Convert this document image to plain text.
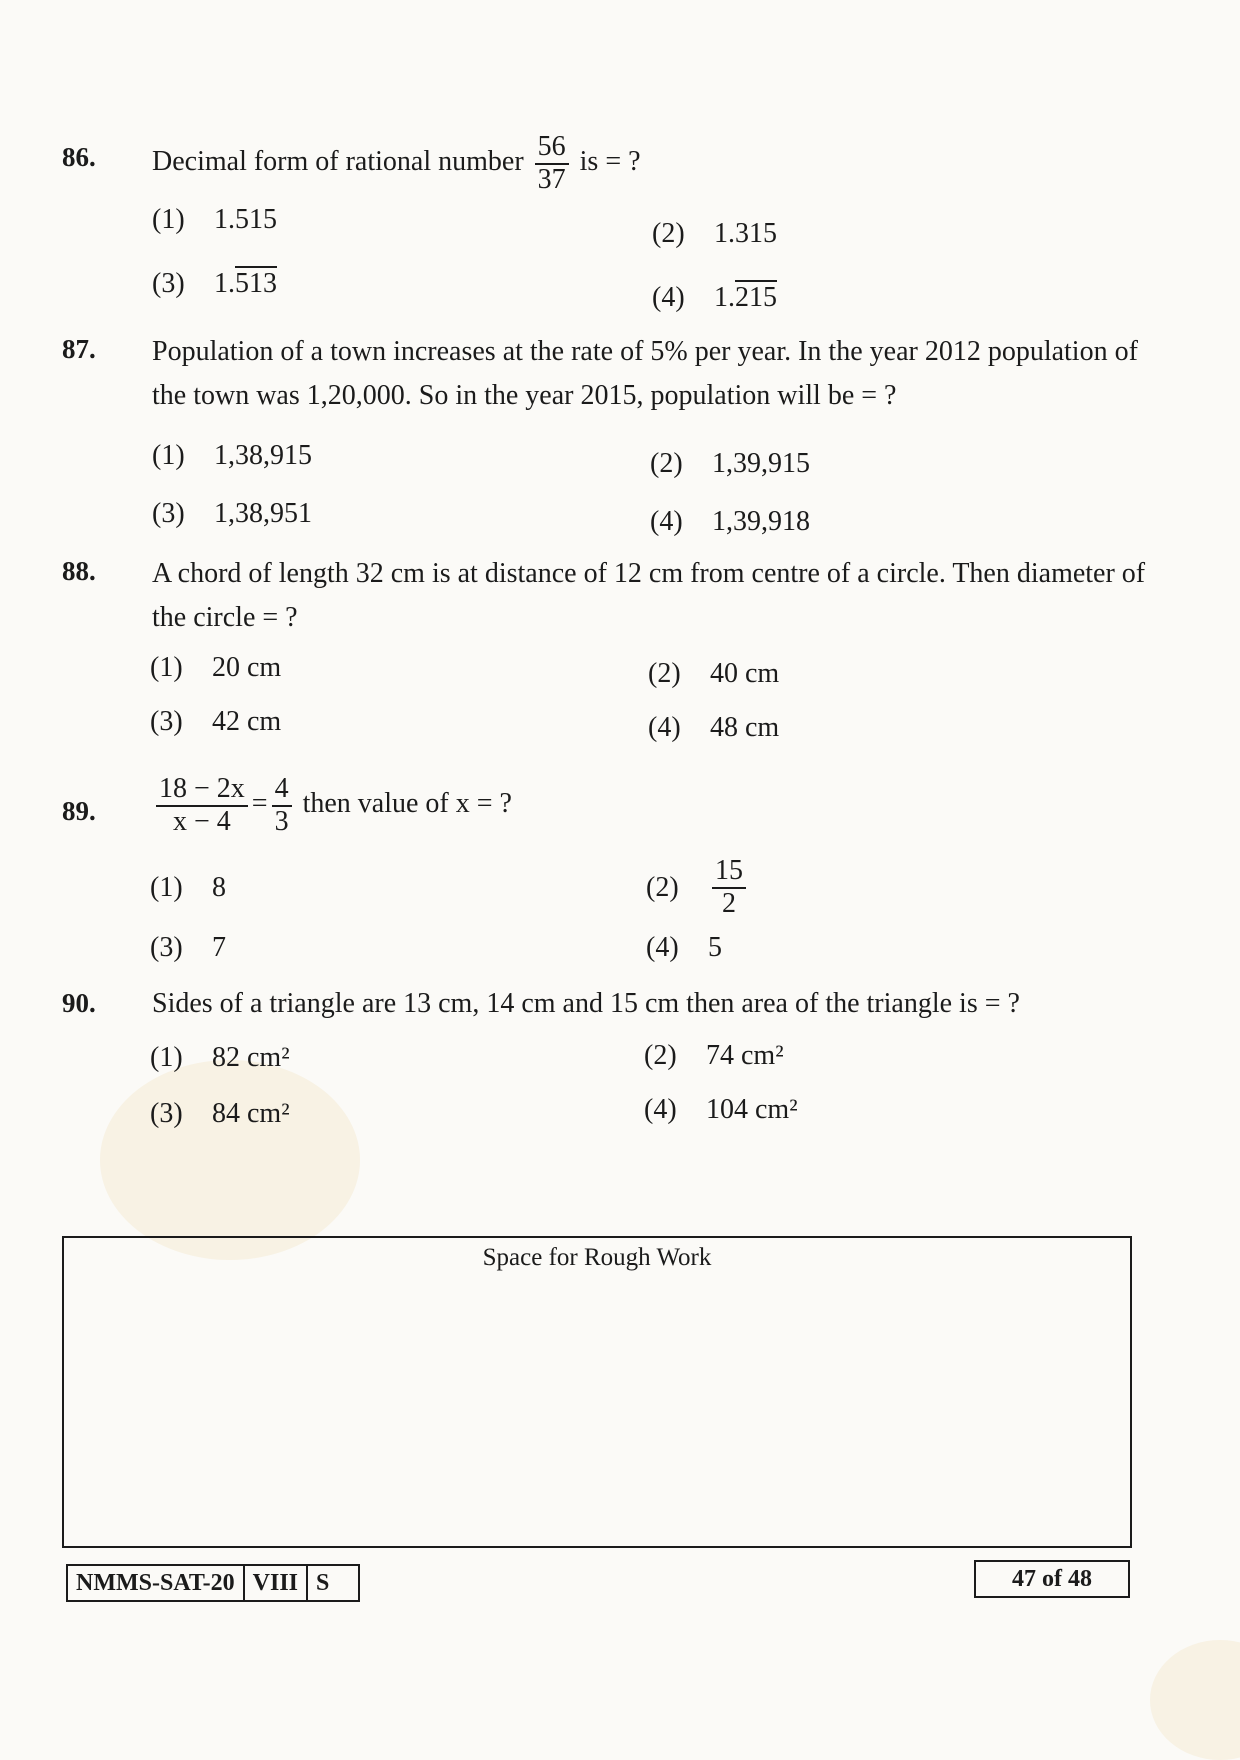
86. Decimal form of rational number $\frac{56}{37}$ is = ?
(1) 1.515	(2) 1.315
(3) 1.513	(4) 1.215
87. Population of a town increases at the rate of 5% per year. In the year 2012 population of the town was 1,20,000. So in the year 2015, population will be = ?
(1) 1,38,915	(2) 1,39,915
(3) 1,38,951	(4) 1,39,918
88. A chord of length 32 cm is at distance of 12 cm from centre of a circle. Then diameter of the circle = ?
(1) 20 cm	(2) 40 cm
(3) 42 cm	(4) 48 cm
89. $\frac{18 - 2x}{x - 4} = \frac{4}{3}$ then value of x = ?
(1) 8	$(2) \frac{15}{2}$
(3) 7	(4) 5
90. Sides of a triangle are 13 cm, 14 cm and 15 cm then area of the triangle is = ?
(1) 82 cm²	(2) 74 cm²
(3) 84 cm²	(4) 104 cm²
Space for Rough Work
NMMS-SAT-20 VIII S	47 of 48
